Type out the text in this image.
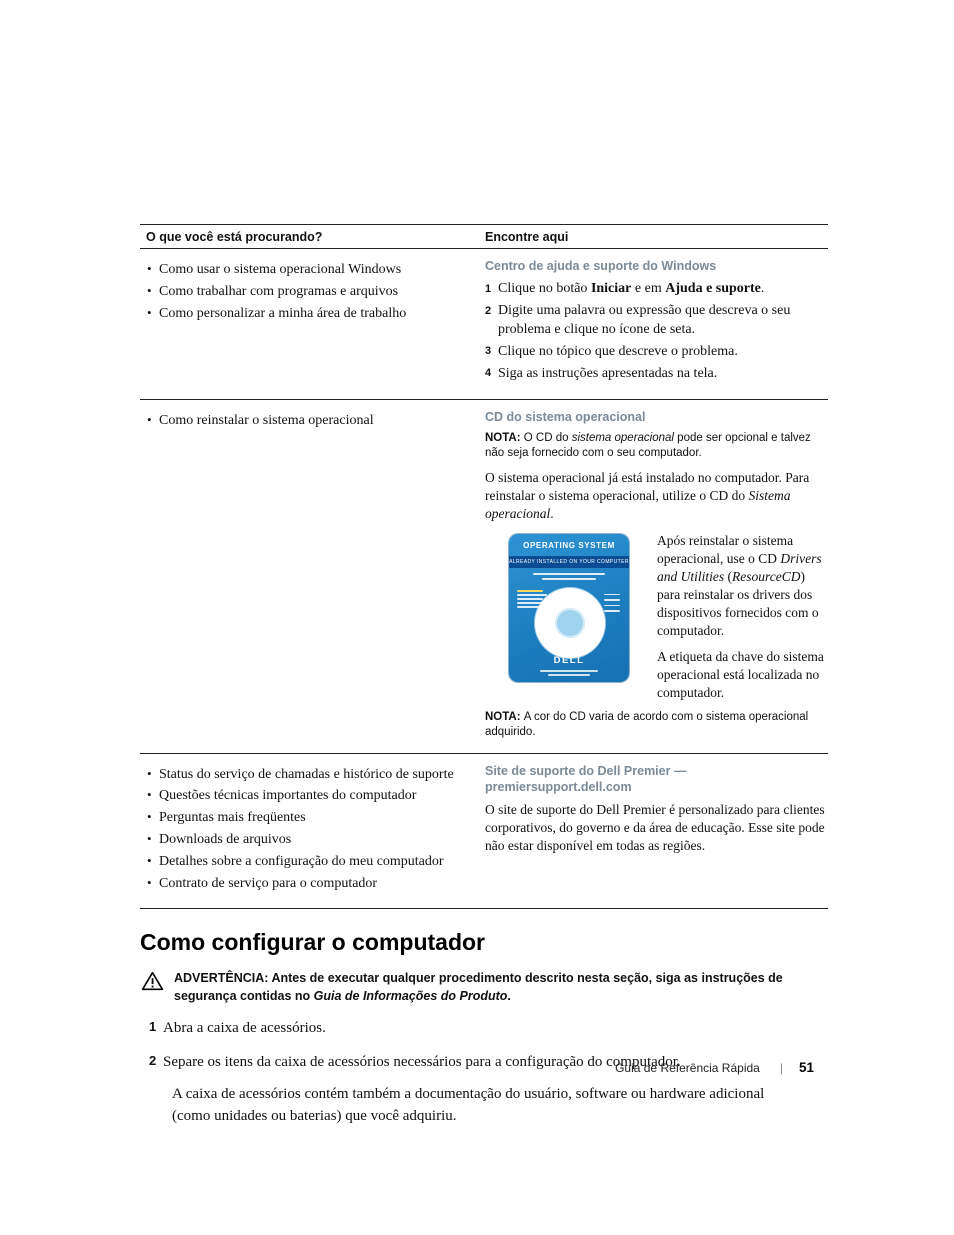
O que você está procurando?	Encontre aqui
• Como usar o sistema operacional Windows
• Como trabalhar com programas e arquivos
• Como personalizar a minha área de trabalho
Centro de ajuda e suporte do Windows
1 Clique no botão Iniciar e em Ajuda e suporte.
2 Digite uma palavra ou expressão que descreva o seu problema e clique no ícone de seta.
3 Clique no tópico que descreve o problema.
4 Siga as instruções apresentadas na tela.
• Como reinstalar o sistema operacional	CD do sistema operacional

NOTA: O CD do sistema operacional pode ser opcional e talvez não seja fornecido com o seu computador.

O sistema operacional já está instalado no computador. Para reinstalar o sistema operacional, utilize o CD do Sistema operacional.

OPERATING SYSTEM
ALREADY INSTALLED ON YOUR COMPUTER
DELL

Após reinstalar o sistema operacional, use o CD Drivers and Utilities (ResourceCD) para reinstalar os drivers dos dispositivos fornecidos com o computador.

A etiqueta da chave do sistema operacional está localizada no computador.

NOTA: A cor do CD varia de acordo com o sistema operacional adquirido.

• Status do serviço de chamadas e histórico de suporte
• Questões técnicas importantes do computador
• Perguntas mais freqüentes
• Downloads de arquivos
• Detalhes sobre a configuração do meu computador
• Contrato de serviço para o computador
Site de suporte do Dell Premier — premiersupport.dell.com

O site de suporte do Dell Premier é personalizado para clientes corporativos, do governo e da área de educação. Esse site pode não estar disponível em todas as regiões.

Como configurar o computador
ADVERTÊNCIA: Antes de executar qualquer procedimento descrito nesta seção, siga as instruções de segurança contidas no Guia de Informações do Produto.
1 Abra a caixa de acessórios.
2 Separe os itens da caixa de acessórios necessários para a configuração do computador.

A caixa de acessórios contém também a documentação do usuário, software ou hardware adicional (como unidades ou baterias) que você adquiriu.

Guia de Referência Rápida | 51
